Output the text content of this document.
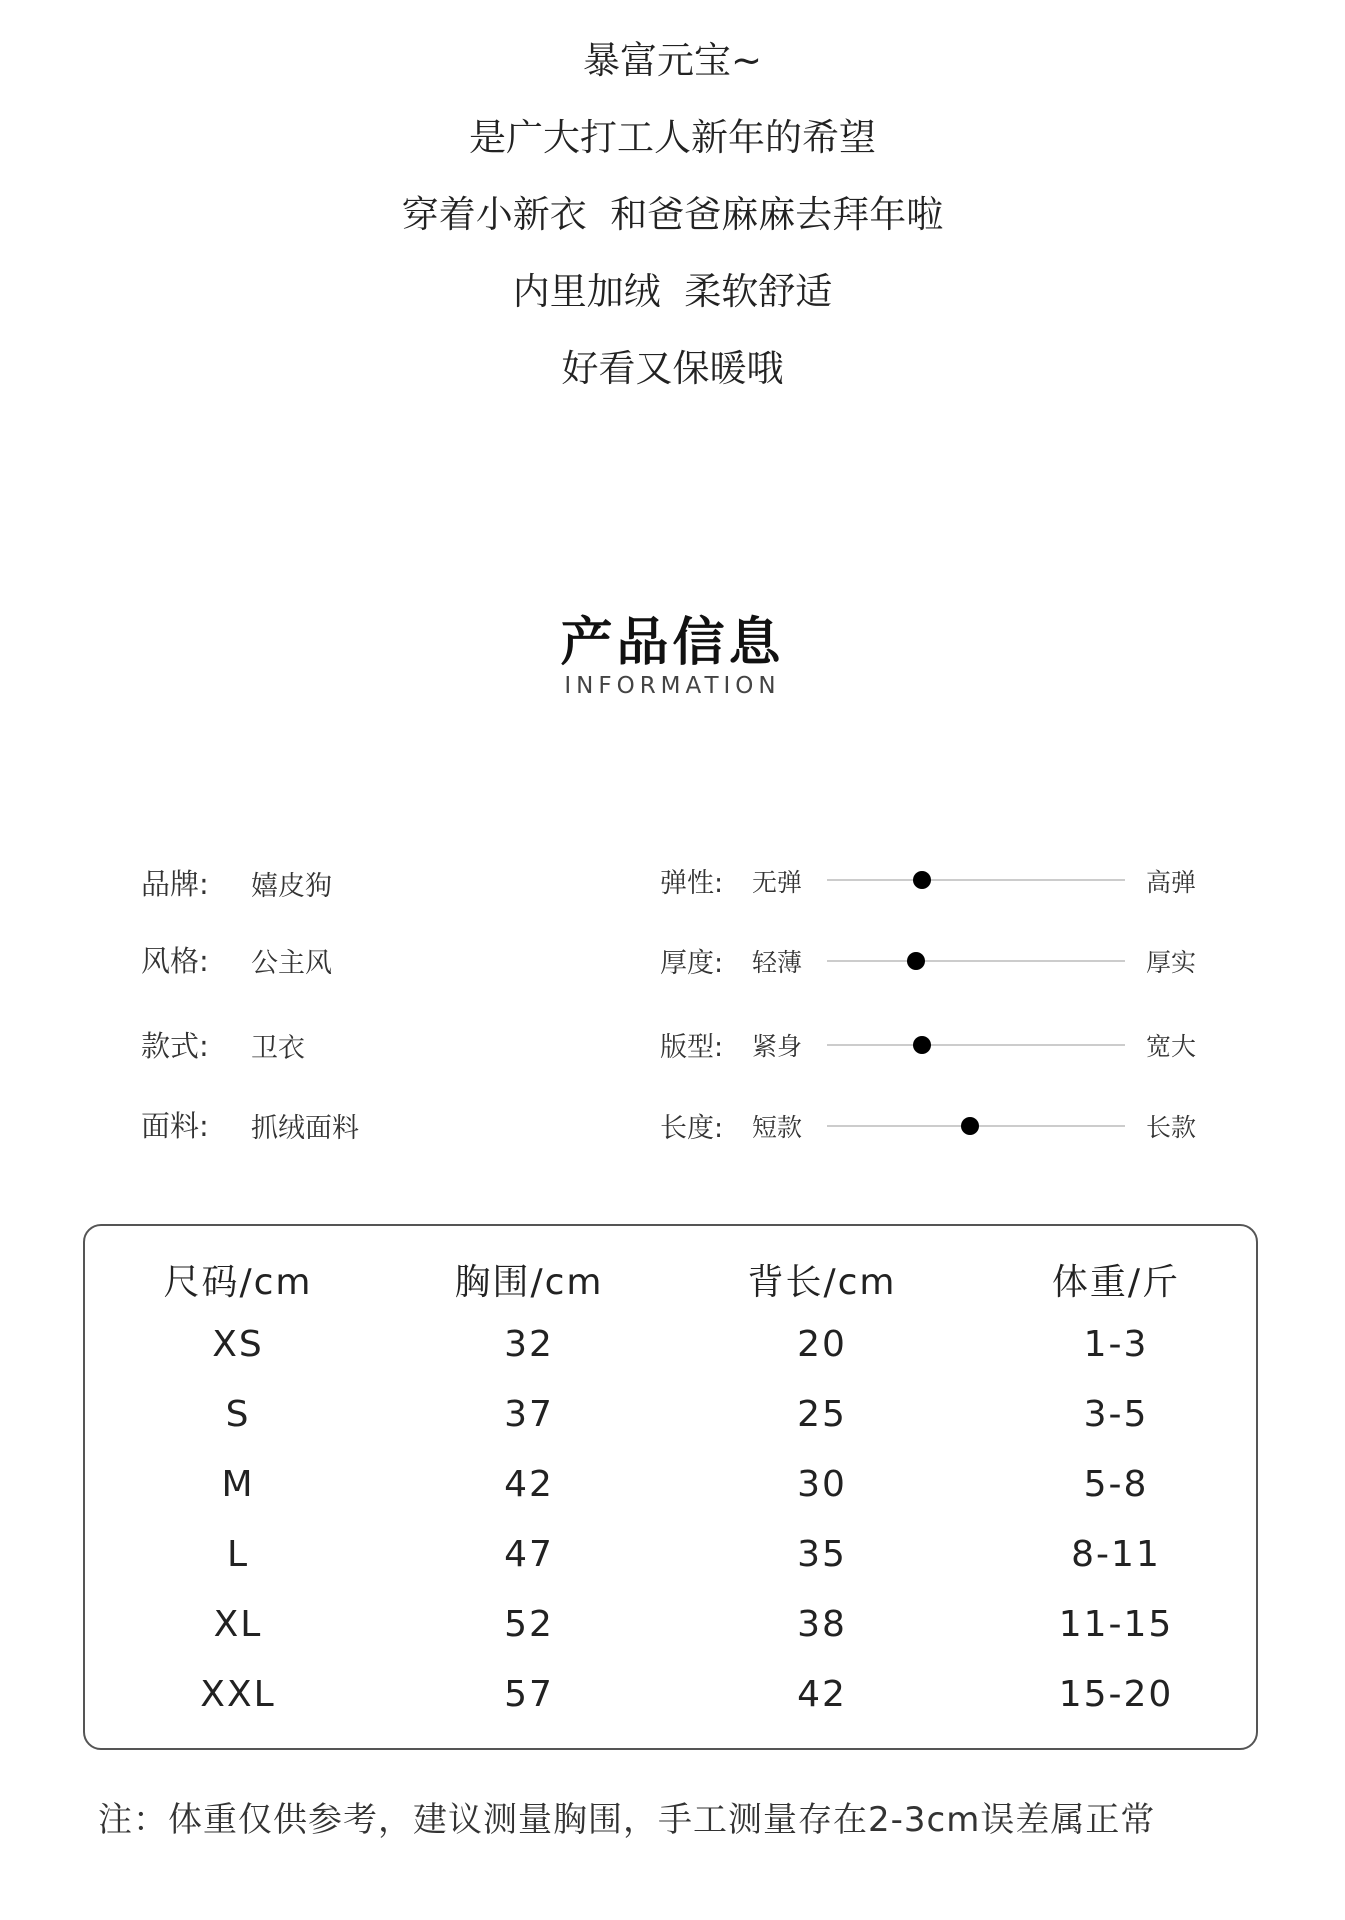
暴富元宝~
是广大打工人新年的希望
穿着小新衣  和爸爸麻麻去拜年啦
内里加绒  柔软舒适
好看又保暖哦
产品信息
INFORMATION
品牌: 嬉皮狗
风格: 公主风
款式: 卫衣
面料: 抓绒面料
弹性: 无弹	高弹
厚度: 轻薄	厚实
版型: 紧身	宽大
长度: 短款	长款
尺码/cm	胸围/cm	背长/cm	体重/斤
XS	32	20	1-3
S	37	25	3-5
M	42	30	5-8
L	47	35	8-11
XL	52	38	11-15
XXL	57	42	15-20
注：体重仅供参考，建议测量胸围，手工测量存在2-3cm误差属正常
